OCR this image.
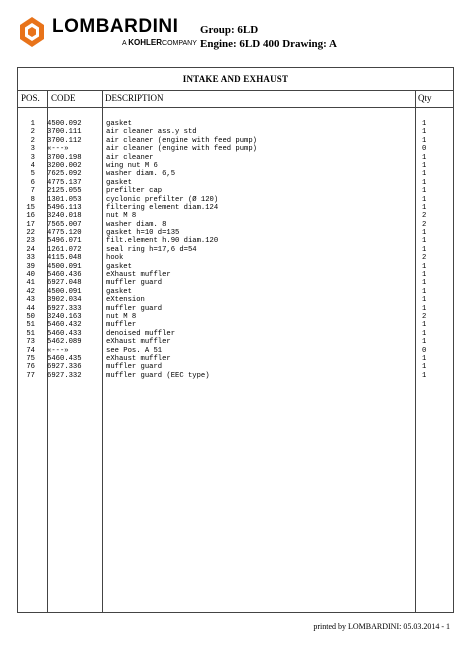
LOMBARDINI
A KOHLERCOMPANY
Group: 6LD
Engine: 6LD 400 Drawing: A
INTAKE AND EXHAUST
POS. CODE	DESCRIPTION	Qty
1 4500.092	gasket	1
2 3700.111	air cleaner ass.y std	1
2 3700.112	air cleaner (engine with feed pump)	1
3 «---»	air cleaner (engine with feed pump)	0
3 3700.198	air cleaner	1
4 3200.002	wing nut M 6	1
5 7625.092	washer diam. 6,5	1
6 4775.137	gasket	1
7 2125.055	prefilter cap	1
8 1301.053	cyclonic prefilter (Ø 120)	1
15 5496.113	filtering element diam.124	1
16 3240.018	nut M 8	2
17 7565.007	washer diam. 8	2
22 4775.120	gasket h=10 d=135	1
23 5496.071	filt.element h.90 diam.120	1
24 1261.072	seal ring h=17,6 d=54	1
33 4115.048	hook	2
39 4500.091	gasket	1
40 5460.436	eXhaust muffler	1
41 6927.048	muffler guard	1
42 4500.091	gasket	1
43 3902.034	eXtension	1
44 6927.333	muffler guard	1
50 3240.163	nut M 8	2
51 5460.432	muffler	1
51 5460.433	denoised muffler	1
73 5462.089	eXhaust muffler	1
74 «---»	see Pos. A 51	0
75 5460.435	eXhaust muffler	1
76 6927.336	muffler guard	1
77 6927.332	muffler guard (EEC type)	1
printed by LOMBARDINI: 05.03.2014 - 1
